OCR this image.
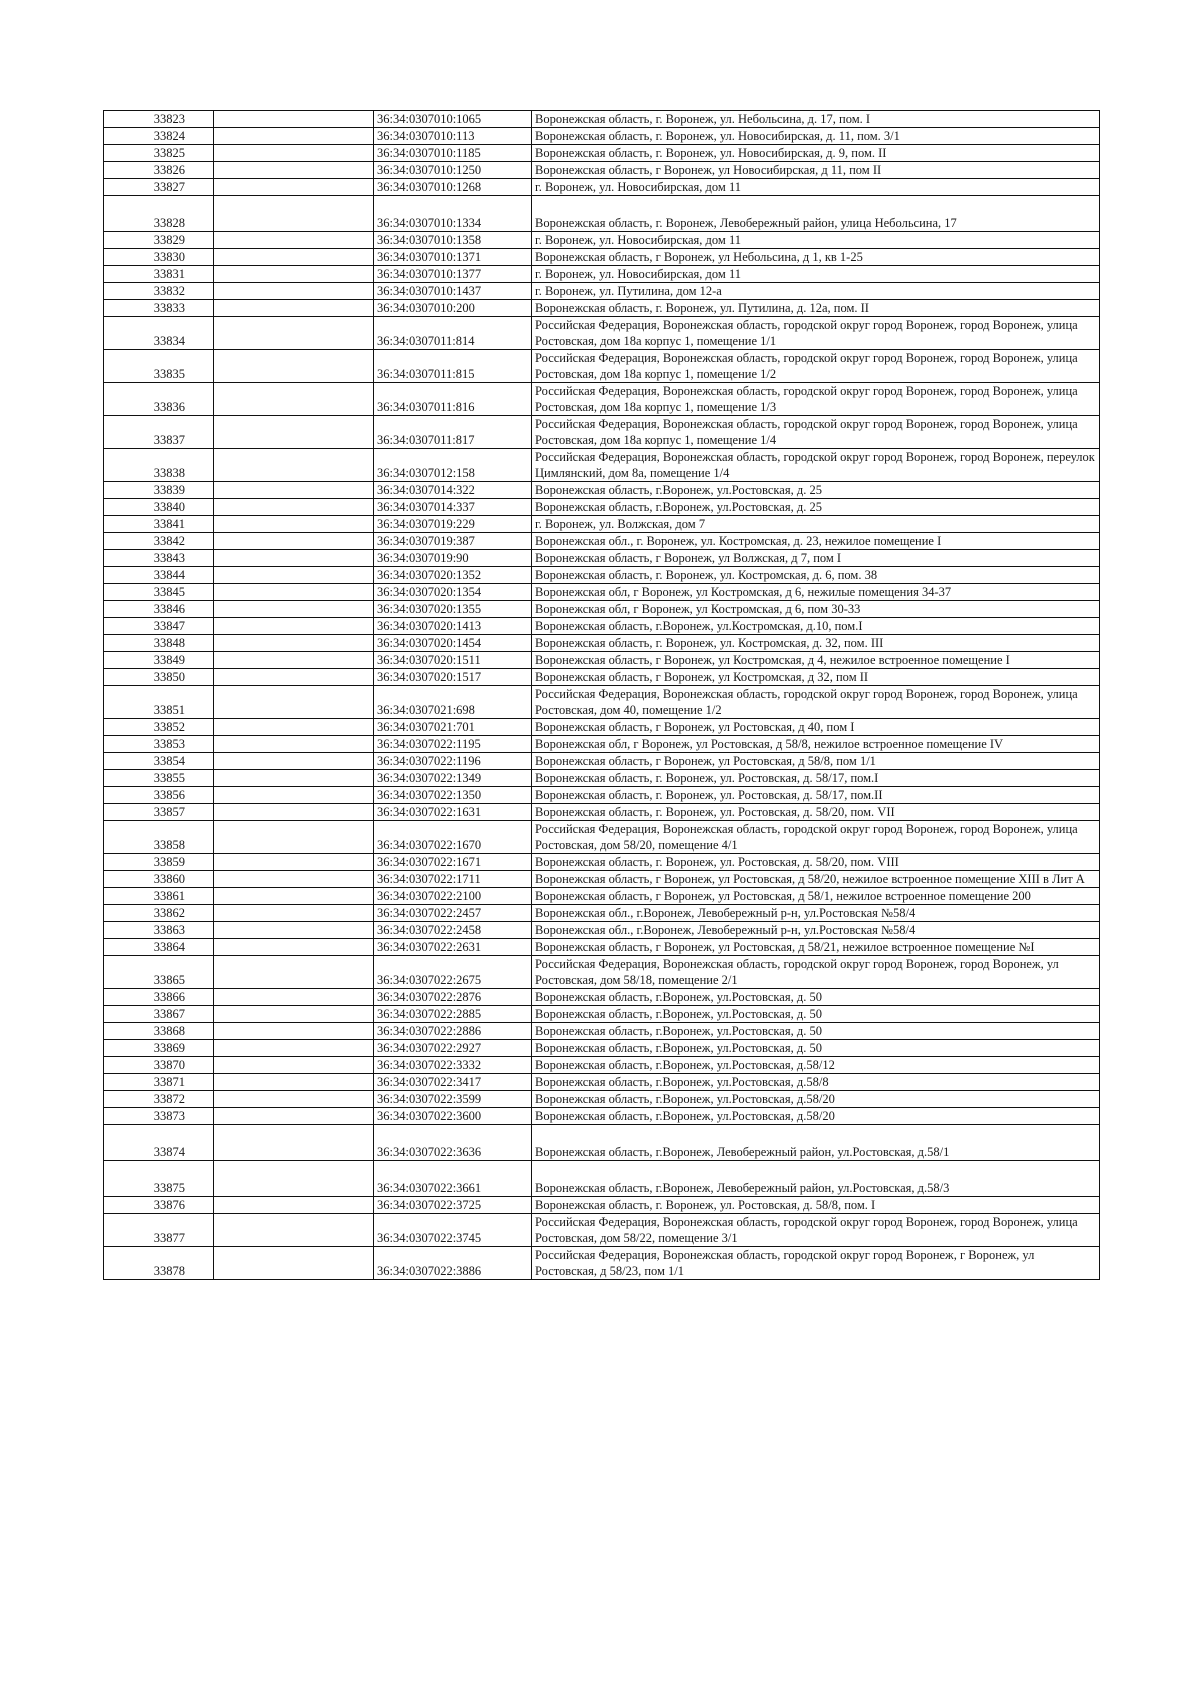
33823		36:34:0307010:1065	Воронежская область, г. Воронеж, ул. Небольсина, д. 17, пом. I
33824		36:34:0307010:113	Воронежская область, г. Воронеж, ул. Новосибирская, д. 11, пом. 3/1
33825		36:34:0307010:1185	Воронежская область, г. Воронеж, ул. Новосибирская, д. 9, пом. II
33826		36:34:0307010:1250	Воронежская область, г Воронеж, ул Новосибирская, д 11, пом II
33827		36:34:0307010:1268	г. Воронеж, ул. Новосибирская, дом 11
33828		36:34:0307010:1334	Воронежская область, г. Воронеж, Левобережный район, улица Небольсина, 17
33829		36:34:0307010:1358	г. Воронеж, ул. Новосибирская, дом 11
33830		36:34:0307010:1371	Воронежская область, г Воронеж, ул Небольсина, д 1, кв 1-25
33831		36:34:0307010:1377	г. Воронеж, ул. Новосибирская, дом 11
33832		36:34:0307010:1437	г. Воронеж, ул. Путилина, дом 12-а
33833		36:34:0307010:200	Воронежская область, г. Воронеж, ул. Путилина, д. 12а, пом. II
33834		36:34:0307011:814	Российская Федерация, Воронежская область, городской округ город Воронеж, город Воронеж, улица Ростовская, дом 18а корпус 1, помещение 1/1
33835		36:34:0307011:815	Российская Федерация, Воронежская область, городской округ город Воронеж, город Воронеж, улица Ростовская, дом 18а корпус 1, помещение 1/2
33836		36:34:0307011:816	Российская Федерация, Воронежская область, городской округ город Воронеж, город Воронеж, улица Ростовская, дом 18а корпус 1, помещение 1/3
33837		36:34:0307011:817	Российская Федерация, Воронежская область, городской округ город Воронеж, город Воронеж, улица Ростовская, дом 18а корпус 1, помещение 1/4
33838		36:34:0307012:158	Российская Федерация, Воронежская область, городской округ город Воронеж, город Воронеж, переулок Цимлянский, дом 8а, помещение 1/4
33839		36:34:0307014:322	Воронежская область, г.Воронеж, ул.Ростовская, д. 25
33840		36:34:0307014:337	Воронежская область, г.Воронеж, ул.Ростовская, д. 25
33841		36:34:0307019:229	г. Воронеж, ул. Волжская, дом 7
33842		36:34:0307019:387	Воронежская обл., г. Воронеж, ул. Костромская, д. 23, нежилое помещение I
33843		36:34:0307019:90	Воронежская область, г Воронеж, ул Волжская, д 7, пом I
33844		36:34:0307020:1352	Воронежская область, г. Воронеж, ул. Костромская, д. 6, пом. 38
33845		36:34:0307020:1354	Воронежская обл, г Воронеж, ул Костромская, д 6, нежилые помещения 34-37
33846		36:34:0307020:1355	Воронежская обл, г Воронеж, ул Костромская, д 6, пом 30-33
33847		36:34:0307020:1413	Воронежская область, г.Воронеж, ул.Костромская, д.10, пом.I
33848		36:34:0307020:1454	Воронежская область, г. Воронеж, ул. Костромская, д. 32, пом. III
33849		36:34:0307020:1511	Воронежская область, г Воронеж, ул Костромская, д 4, нежилое встроенное помещение I
33850		36:34:0307020:1517	Воронежская область, г Воронеж, ул Костромская, д 32, пом II
33851		36:34:0307021:698	Российская Федерация, Воронежская область, городской округ город Воронеж, город Воронеж, улица Ростовская, дом 40, помещение 1/2
33852		36:34:0307021:701	Воронежская область, г Воронеж, ул Ростовская, д 40, пом I
33853		36:34:0307022:1195	Воронежская обл, г Воронеж, ул Ростовская, д 58/8, нежилое встроенное помещение IV
33854		36:34:0307022:1196	Воронежская область, г Воронеж, ул Ростовская, д 58/8, пом 1/1
33855		36:34:0307022:1349	Воронежская область, г. Воронеж, ул. Ростовская, д. 58/17, пом.I
33856		36:34:0307022:1350	Воронежская область, г. Воронеж, ул. Ростовская, д. 58/17, пом.II
33857		36:34:0307022:1631	Воронежская область, г. Воронеж, ул. Ростовская, д. 58/20, пом. VII
33858		36:34:0307022:1670	Российская Федерация, Воронежская область, городской округ город Воронеж, город Воронеж, улица Ростовская, дом 58/20, помещение 4/1
33859		36:34:0307022:1671	Воронежская область, г. Воронеж, ул. Ростовская, д. 58/20, пом. VIII
33860		36:34:0307022:1711	Воронежская область, г Воронеж, ул Ростовская, д 58/20, нежилое встроенное помещение XIII в Лит А
33861		36:34:0307022:2100	Воронежская область, г Воронеж, ул Ростовская, д 58/1, нежилое встроенное помещение 200
33862		36:34:0307022:2457	Воронежская обл., г.Воронеж, Левобережный р-н, ул.Ростовская №58/4
33863		36:34:0307022:2458	Воронежская обл., г.Воронеж, Левобережный р-н, ул.Ростовская №58/4
33864		36:34:0307022:2631	Воронежская область, г Воронеж, ул Ростовская, д 58/21, нежилое встроенное помещение №I
33865		36:34:0307022:2675	Российская Федерация, Воронежская область, городской округ город Воронеж, город Воронеж, ул Ростовская, дом 58/18, помещение 2/1
33866		36:34:0307022:2876	Воронежская область, г.Воронеж, ул.Ростовская, д. 50
33867		36:34:0307022:2885	Воронежская область, г.Воронеж, ул.Ростовская, д. 50
33868		36:34:0307022:2886	Воронежская область, г.Воронеж, ул.Ростовская, д. 50
33869		36:34:0307022:2927	Воронежская область, г.Воронеж, ул.Ростовская, д. 50
33870		36:34:0307022:3332	Воронежская область, г.Воронеж, ул.Ростовская, д.58/12
33871		36:34:0307022:3417	Воронежская область, г.Воронеж, ул.Ростовская, д.58/8
33872		36:34:0307022:3599	Воронежская область, г.Воронеж, ул.Ростовская, д.58/20
33873		36:34:0307022:3600	Воронежская область, г.Воронеж, ул.Ростовская, д.58/20
33874		36:34:0307022:3636	Воронежская область, г.Воронеж, Левобережный район, ул.Ростовская, д.58/1
33875		36:34:0307022:3661	Воронежская область, г.Воронеж, Левобережный район, ул.Ростовская, д.58/3
33876		36:34:0307022:3725	Воронежская область, г. Воронеж, ул. Ростовская, д. 58/8, пом. I
33877		36:34:0307022:3745	Российская Федерация, Воронежская область, городской округ город Воронеж, город Воронеж, улица Ростовская, дом 58/22, помещение 3/1
33878		36:34:0307022:3886	Российская Федерация, Воронежская область, городской округ город Воронеж, г Воронеж, ул Ростовская, д 58/23, пом 1/1
